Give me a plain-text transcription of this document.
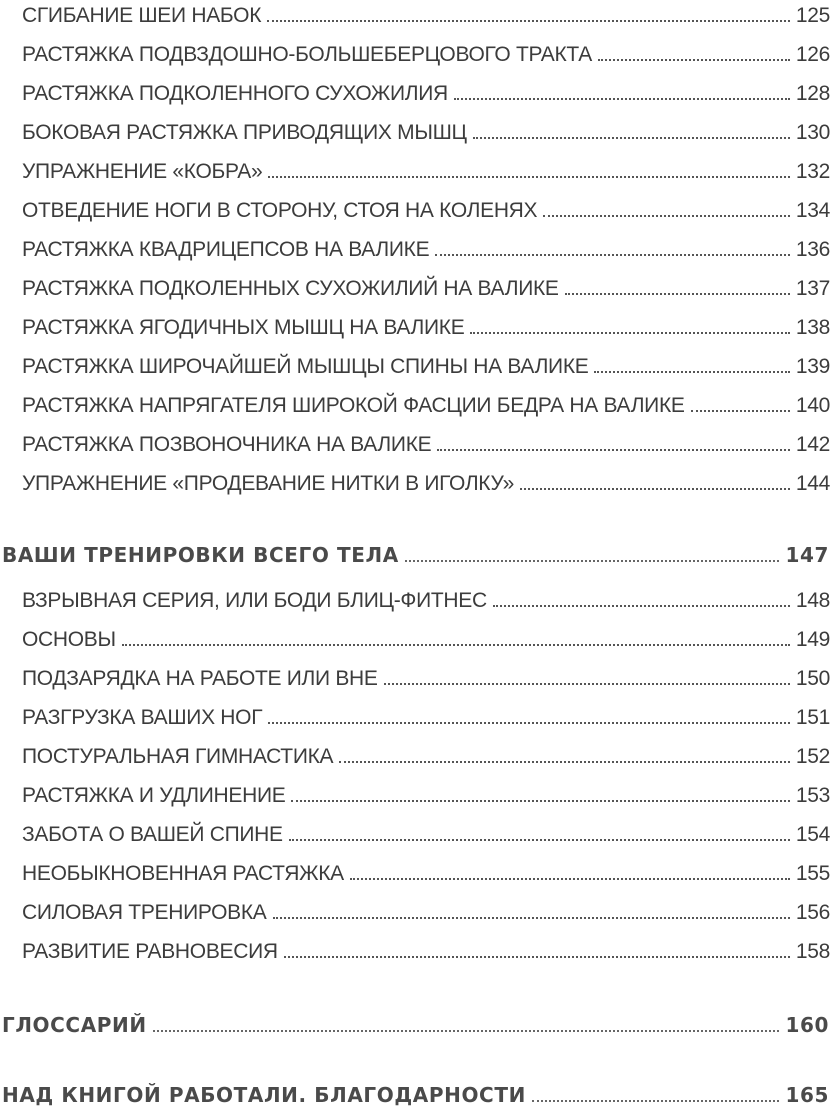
СГИБАНИЕ ШЕИ НАБОК	125
РАСТЯЖКА ПОДВЗДОШНО-БОЛЬШЕБЕРЦОВОГО ТРАКТА	126
РАСТЯЖКА ПОДКОЛЕННОГО СУХОЖИЛИЯ	128
БОКОВАЯ РАСТЯЖКА ПРИВОДЯЩИХ МЫШЦ	130
УПРАЖНЕНИЕ «КОБРА»	132
ОТВЕДЕНИЕ НОГИ В СТОРОНУ, СТОЯ НА КОЛЕНЯХ	134
РАСТЯЖКА КВАДРИЦЕПСОВ НА ВАЛИКЕ	136
РАСТЯЖКА ПОДКОЛЕННЫХ СУХОЖИЛИЙ НА ВАЛИКЕ	137
РАСТЯЖКА ЯГОДИЧНЫХ МЫШЦ НА ВАЛИКЕ	138
РАСТЯЖКА ШИРОЧАЙШЕЙ МЫШЦЫ СПИНЫ НА ВАЛИКЕ	139
РАСТЯЖКА НАПРЯГАТЕЛЯ ШИРОКОЙ ФАСЦИИ БЕДРА НА ВАЛИКЕ	140
РАСТЯЖКА ПОЗВОНОЧНИКА НА ВАЛИКЕ	142
УПРАЖНЕНИЕ «ПРОДЕВАНИЕ НИТКИ В ИГОЛКУ»	144
ВАШИ ТРЕНИРОВКИ ВСЕГО ТЕЛА	147
ВЗРЫВНАЯ СЕРИЯ, ИЛИ БОДИ БЛИЦ-ФИТНЕС	148
ОСНОВЫ	149
ПОДЗАРЯДКА НА РАБОТЕ ИЛИ ВНЕ	150
РАЗГРУЗКА ВАШИХ НОГ	151
ПОСТУРАЛЬНАЯ ГИМНАСТИКА	152
РАСТЯЖКА И УДЛИНЕНИЕ	153
ЗАБОТА О ВАШЕЙ СПИНЕ	154
НЕОБЫКНОВЕННАЯ РАСТЯЖКА	155
СИЛОВАЯ ТРЕНИРОВКА	156
РАЗВИТИЕ РАВНОВЕСИЯ	158
ГЛОССАРИЙ	160
НАД КНИГОЙ РАБОТАЛИ. БЛАГОДАРНОСТИ	165
